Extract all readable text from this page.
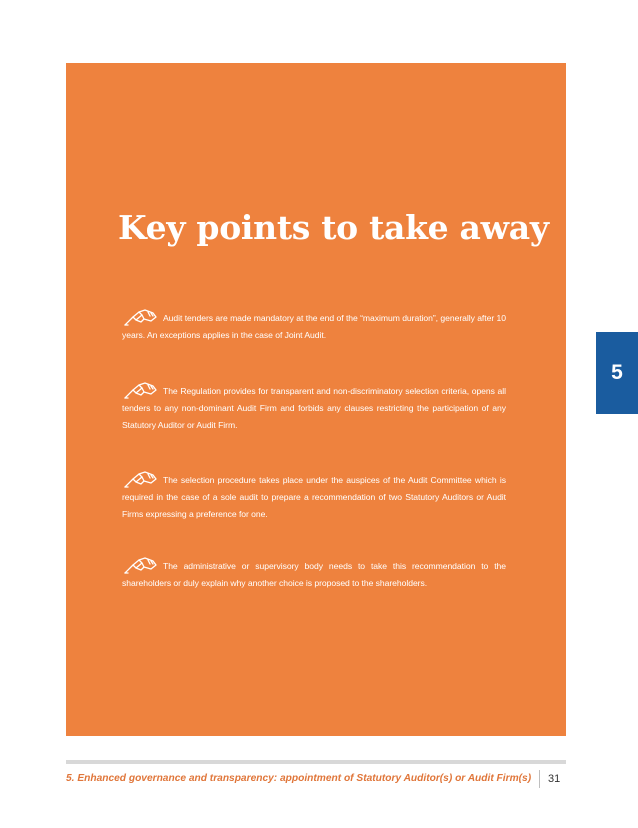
Key points to take away
Audit tenders are made mandatory at the end of the “maximum duration”, generally after 10 years. An exceptions applies in the case of Joint Audit.
The Regulation provides for transparent and non-discriminatory selection criteria, opens all tenders to any non-dominant Audit Firm and forbids any clauses restricting the participation of any Statutory Auditor or Audit Firm.
The selection procedure takes place under the auspices of the Audit Committee which is required in the case of a sole audit to prepare a recommendation of two Statutory Auditors or Audit Firms expressing a preference for one.
The administrative or supervisory body needs to take this recommendation to the shareholders or duly explain why another choice is proposed to the shareholders.
5
5. Enhanced governance and transparency: appointment of Statutory Auditor(s) or Audit Firm(s) 31
